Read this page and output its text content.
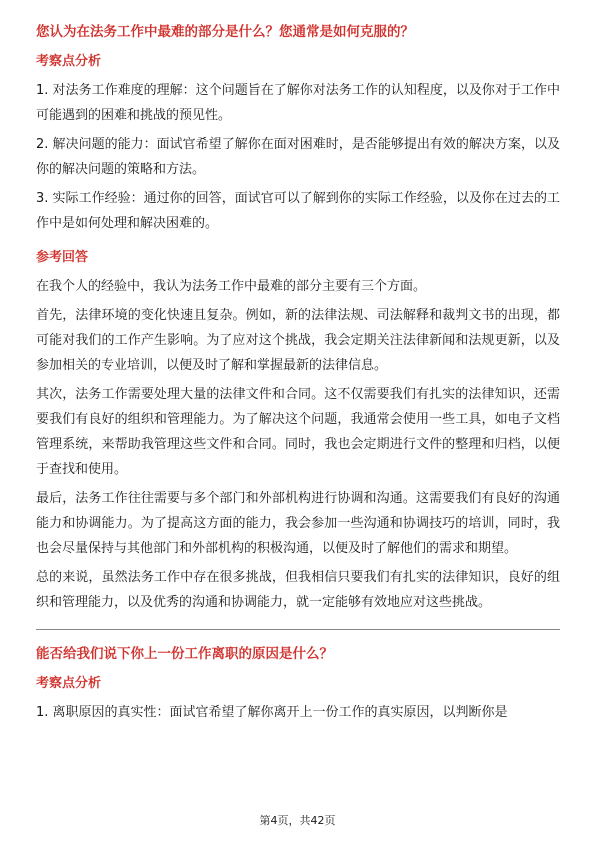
您认为在法务工作中最难的部分是什么？您通常是如何克服的？
考察点分析
1. 对法务工作难度的理解：这个问题旨在了解你对法务工作的认知程度，以及你对于工作中可能遇到的困难和挑战的预见性。
2. 解决问题的能力：面试官希望了解你在面对困难时，是否能够提出有效的解决方案，以及你的解决问题的策略和方法。
3. 实际工作经验：通过你的回答，面试官可以了解到你的实际工作经验，以及你在过去的工作中是如何处理和解决困难的。
参考回答
在我个人的经验中，我认为法务工作中最难的部分主要有三个方面。
首先，法律环境的变化快速且复杂。例如，新的法律法规、司法解释和裁判文书的出现，都可能对我们的工作产生影响。为了应对这个挑战，我会定期关注法律新闻和法规更新，以及参加相关的专业培训，以便及时了解和掌握最新的法律信息。
其次，法务工作需要处理大量的法律文件和合同。这不仅需要我们有扎实的法律知识，还需要我们有良好的组织和管理能力。为了解决这个问题，我通常会使用一些工具，如电子文档管理系统，来帮助我管理这些文件和合同。同时，我也会定期进行文件的整理和归档，以便于查找和使用。
最后，法务工作往往需要与多个部门和外部机构进行协调和沟通。这需要我们有良好的沟通能力和协调能力。为了提高这方面的能力，我会参加一些沟通和协调技巧的培训，同时，我也会尽量保持与其他部门和外部机构的积极沟通，以便及时了解他们的需求和期望。
总的来说，虽然法务工作中存在很多挑战，但我相信只要我们有扎实的法律知识，良好的组织和管理能力，以及优秀的沟通和协调能力，就一定能够有效地应对这些挑战。
能否给我们说下你上一份工作离职的原因是什么？
考察点分析
1. 离职原因的真实性：面试官希望了解你离开上一份工作的真实原因，以判断你是
第4页，共42页
